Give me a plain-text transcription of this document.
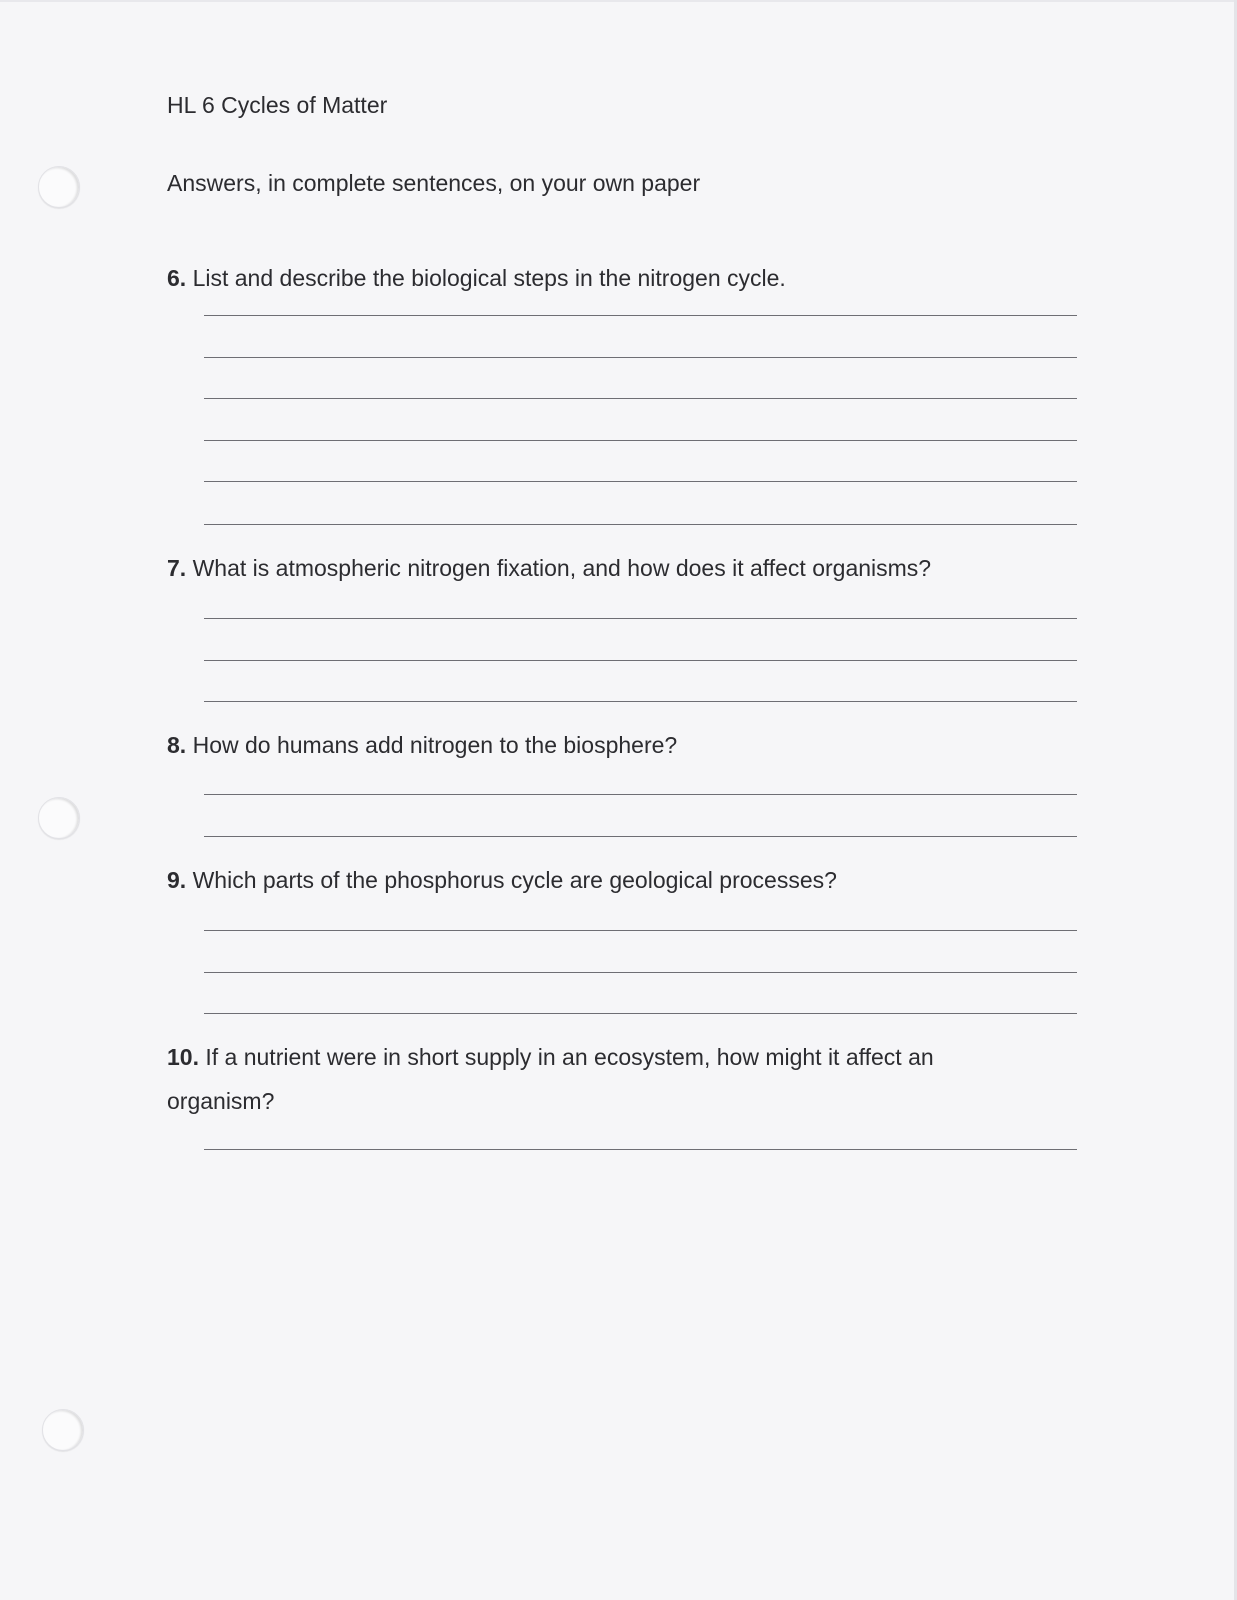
HL 6 Cycles of Matter
Answers, in complete sentences, on your own paper
6. List and describe the biological steps in the nitrogen cycle.
7. What is atmospheric nitrogen fixation, and how does it affect organisms?
8. How do humans add nitrogen to the biosphere?
9. Which parts of the phosphorus cycle are geological processes?
10. If a nutrient were in short supply in an ecosystem, how might it affect an organism?
